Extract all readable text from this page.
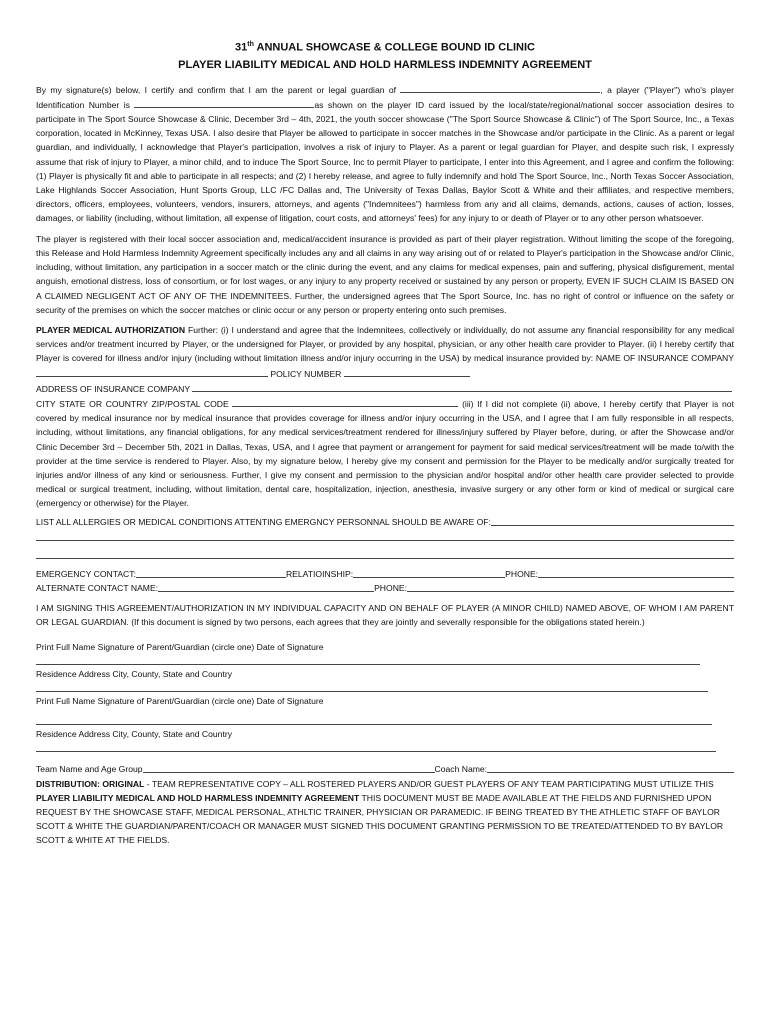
31th ANNUAL SHOWCASE & COLLEGE BOUND ID CLINIC
PLAYER LIABILITY MEDICAL AND HOLD HARMLESS INDEMNITY AGREEMENT

By my signature(s) below, I certify and confirm that I am the parent or legal guardian of	, a player ("Player") who's player Identification Number is	as shown on the player ID card issued by the local/state/regional/national soccer association desires to participate in The Sport Source Showcase & Clinic, December 3rd – 4th, 2021, the youth soccer showcase ("The Sport Source Showcase & Clinic") of The Sport Source, Inc., a Texas corporation, located in McKinney, Texas USA. I also desire that Player be allowed to participate in soccer matches in the Showcase and/or participate in the Clinic. As a parent or legal guardian, and individually, I acknowledge that Player's participation, involves a risk of injury to Player. As a parent or legal guardian for Player, and despite such risk, I expressly assume that risk of injury to Player, a minor child, and to induce The Sport Source, Inc to permit Player to participate, I enter into this Agreement, and I agree and confirm the following: (1) Player is physically fit and able to participate in all respects; and (2) I hereby release, and agree to fully indemnify and hold The Sport Source, Inc., North Texas Soccer Association, Lake Highlands Soccer Association, Hunt Sports Group, LLC /FC Dallas and, The University of Texas Dallas, Baylor Scott & White and their affiliates, and respective members, directors, officers, employees, volunteers, vendors, insurers, attorneys, and agents ("Indemnitees") harmless from any and all claims, demands, actions, causes of action, losses, damages, or liability (including, without limitation, all expense of litigation, court costs, and attorneys' fees) for any injury to or death of Player or to any other person whatsoever.

The player is registered with their local soccer association and, medical/accident insurance is provided as part of their player registration. Without limiting the scope of the foregoing, this Release and Hold Harmless Indemnity Agreement specifically includes any and all claims in any way arising out of or related to Player's participation in the Showcase and/or Clinic, including, without limitation, any participation in a soccer match or the clinic during the event, and any claims for medical expenses, pain and suffering, physical disfigurement, mental anguish, emotional distress, loss of consortium, or for lost wages, or any injury to any property received or sustained by any person or property, EVEN IF SUCH CLAIM IS BASED ON A CLAIMED NEGLIGENT ACT OF ANY OF THE INDEMNITEES. Further, the undersigned agrees that The Sport Source, Inc. has no right of control or influence on the safety or security of the premises on which the soccer matches or clinic occur or any person or property entering onto such premises.

PLAYER MEDICAL AUTHORIZATION Further: (i) I understand and agree that the Indemnitees, collectively or individually, do not assume any financial responsibility for any medical services and/or treatment incurred by Player, or the undersigned for Player, or provided by any hospital, physician, or any other health care provider to Player. (ii) I hereby certify that Player is covered for illness and/or injury (including without limitation illness and/or injury occurring in the USA) by medical insurance provided by: NAME OF INSURANCE COMPANY  POLICY NUMBER
ADDRESS OF INSURANCE COMPANY
CITY STATE OR COUNTRY ZIP/POSTAL CODE	(iii) If I did not complete (ii) above, I hereby certify that Player is not covered by medical insurance nor by medical insurance that provides coverage for illness and/or injury occurring in the USA, and I agree that I am fully responsible in all respects, including, without limitations, any financial obligations, for any medical services/treatment rendered for illness/injury suffered by Player before, during, or after the Showcase and/or Clinic December 3rd – December 5th, 2021 in Dallas, Texas, USA, and I agree that payment or arrangement for payment for said medical services/treatment will be made to/with the provider at the time service is rendered to Player. Also, by my signature below, I hereby give my consent and permission for the Player to be medically and/or surgically treated for injuries and/or illness of any kind or seriousness. Further, I give my consent and permission to the physician and/or hospital and/or other health care provider selected to provide medical or surgical treatment, including, without limitation, dental care, hospitalization, injection, anesthesia, invasive surgery or any other form or kind of medical or surgical care (emergency or otherwise) for the Player.

LIST ALL ALLERGIES OR MEDICAL CONDITIONS ATTENTING EMERGNCY PERSONNAL SHOULD BE AWARE OF:
EMERGENCY CONTACT:	RELATIOINSHIP:	PHONE:
ALTERNATE CONTACT NAME:	PHONE:

I AM SIGNING THIS AGREEMENT/AUTHORIZATION IN MY INDIVIDUAL CAPACITY AND ON BEHALF OF PLAYER (A MINOR CHILD) NAMED ABOVE, OF WHOM I AM PARENT OR LEGAL GUARDIAN. (If this document is signed by two persons, each agrees that they are jointly and severally responsible for the obligations stated herein.)

Print Full Name Signature of Parent/Guardian (circle one) Date of Signature
Residence Address City, County, State and Country
Print Full Name Signature of Parent/Guardian (circle one) Date of Signature
Residence Address City, County, State and Country
Team Name and Age Group	Coach Name:

DISTRIBUTION: ORIGINAL - TEAM REPRESENTATIVE COPY – ALL ROSTERED PLAYERS AND/OR GUEST PLAYERS OF ANY TEAM PARTICIPATING MUST UTILIZE THIS PLAYER LIABILITY MEDICAL AND HOLD HARMLESS INDEMNITY AGREEMENT THIS DOCUMENT MUST BE MADE AVAILABLE AT THE FIELDS AND FURNISHED UPON REQUEST BY THE SHOWCASE STAFF, MEDICAL PERSONAL, ATHLTIC TRAINER, PHYSICIAN OR PARAMEDIC. IF BEING TREATED BY THE ATHLETIC STAFF OF BAYLOR SCOTT & WHITE THE GUARDIAN/PARENT/COACH OR MANAGER MUST SIGNED THIS DOCUMENT GRANTING PERMISSION TO BE TREATED/ATTENDED TO BY BAYLOR SCOTT & WHITE AT THE FIELDS.
